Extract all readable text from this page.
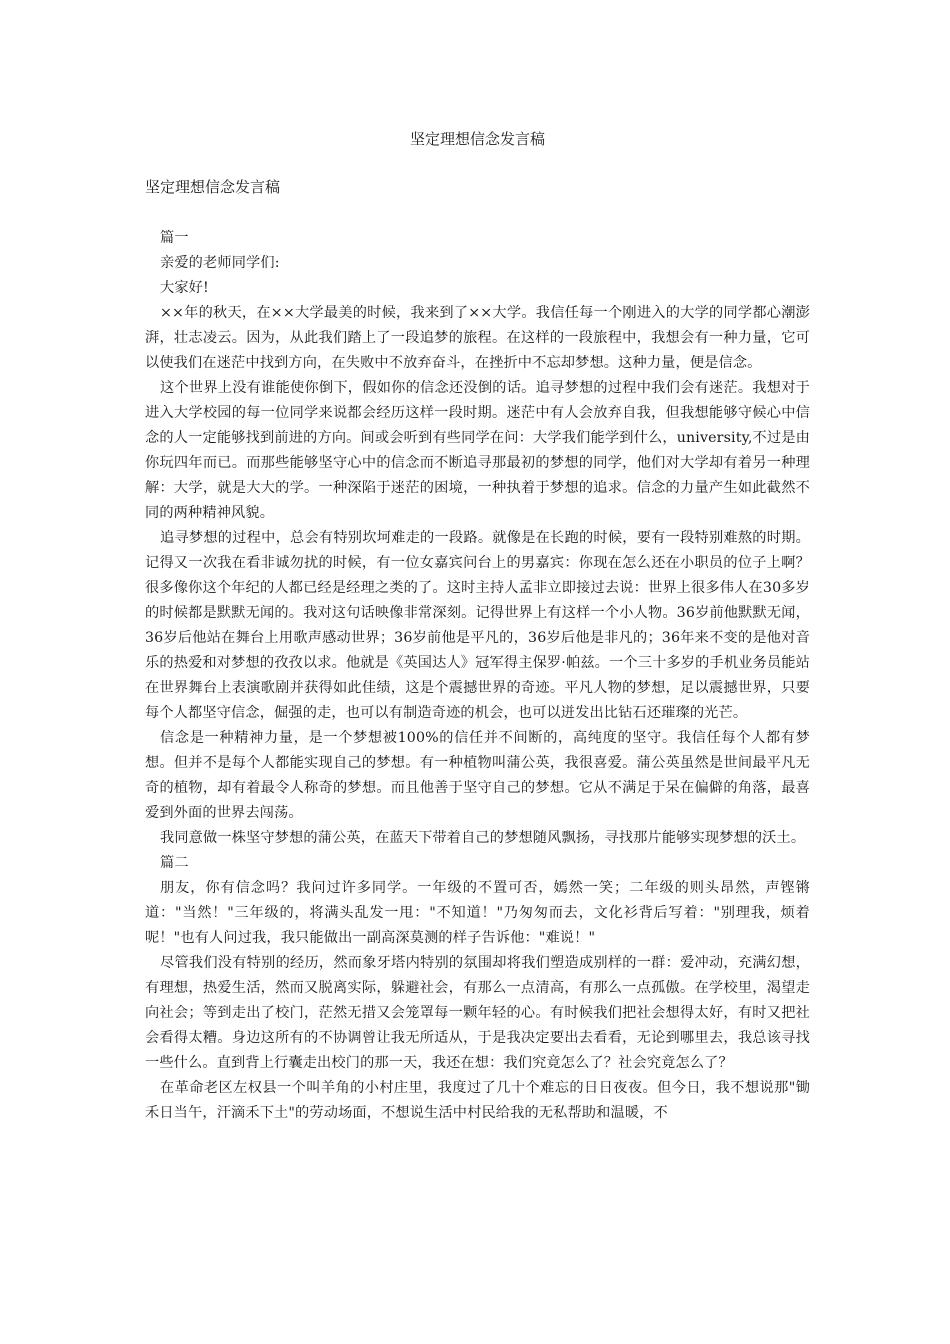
坚定理想信念发言稿
坚定理想信念发言稿

篇一

亲爱的老师同学们:

大家好!

××年的秋天，在××大学最美的时候，我来到了××大学。我信任每一个刚进入的大学的同学都心潮澎湃，壮志凌云。因为，从此我们踏上了一段追梦的旅程。在这样的一段旅程中，我想会有一种力量，它可以使我们在迷茫中找到方向，在失败中不放弃奋斗，在挫折中不忘却梦想。这种力量，便是信念。

这个世界上没有谁能使你倒下，假如你的信念还没倒的话。追寻梦想的过程中我们会有迷茫。我想对于进入大学校园的每一位同学来说都会经历这样一段时期。迷茫中有人会放弃自我，但我想能够守候心中信念的人一定能够找到前进的方向。间或会听到有些同学在问：大学我们能学到什么，university,不过是由你玩四年而已。而那些能够坚守心中的信念而不断追寻那最初的梦想的同学，他们对大学却有着另一种理解：大学，就是大大的学。一种深陷于迷茫的困境，一种执着于梦想的追求。信念的力量产生如此截然不同的两种精神风貌。

追寻梦想的过程中，总会有特别坎坷难走的一段路。就像是在长跑的时候，要有一段特别难熬的时期。记得又一次我在看非诚勿扰的时候，有一位女嘉宾问台上的男嘉宾：你现在怎么还在小职员的位子上啊？很多像你这个年纪的人都已经是经理之类的了。这时主持人孟非立即接过去说：世界上很多伟人在30多岁的时候都是默默无闻的。我对这句话映像非常深刻。记得世界上有这样一个小人物。36岁前他默默无闻，36岁后他站在舞台上用歌声感动世界；36岁前他是平凡的，36岁后他是非凡的；36年来不变的是他对音乐的热爱和对梦想的孜孜以求。他就是《英国达人》冠军得主保罗·帕兹。一个三十多岁的手机业务员能站在世界舞台上表演歌剧并获得如此佳绩，这是个震撼世界的奇迹。平凡人物的梦想，足以震撼世界，只要每个人都坚守信念，倔强的走，也可以有制造奇迹的机会，也可以迸发出比钻石还璀璨的光芒。

信念是一种精神力量，是一个梦想被100%的信任并不间断的，高纯度的坚守。我信任每个人都有梦想。但并不是每个人都能实现自己的梦想。有一种植物叫蒲公英，我很喜爱。蒲公英虽然是世间最平凡无奇的植物，却有着最令人称奇的梦想。而且他善于坚守自己的梦想。它从不满足于呆在偏僻的角落，最喜爱到外面的世界去闯荡。

我同意做一株坚守梦想的蒲公英，在蓝天下带着自己的梦想随风飘扬，寻找那片能够实现梦想的沃土。

篇二

朋友，你有信念吗？我问过许多同学。一年级的不置可否，嫣然一笑；二年级的则头昂然，声铿锵道："当然！"三年级的，将满头乱发一甩："不知道！"乃匆匆而去，文化衫背后写着："别理我，烦着呢！"也有人问过我，我只能做出一副高深莫测的样子告诉他："难说！"

尽管我们没有特别的经历，然而象牙塔内特别的氛围却将我们塑造成别样的一群：爱冲动，充满幻想，有理想，热爱生活，然而又脱离实际，躲避社会，有那么一点清高，有那么一点孤傲。在学校里，渴望走向社会；等到走出了校门，茫然无措又会笼罩每一颗年轻的心。有时候我们把社会想得太好，有时又把社会看得太糟。身边这所有的不协调曾让我无所适从，于是我决定要出去看看，无论到哪里去，我总该寻找一些什么。直到背上行囊走出校门的那一天，我还在想：我们究竟怎么了？社会究竟怎么了？

在革命老区左权县一个叫羊角的小村庄里，我度过了几十个难忘的日日夜夜。但今日，我不想说那"锄禾日当午，汗滴禾下土"的劳动场面，不想说生活中村民给我的无私帮助和温暖，不
